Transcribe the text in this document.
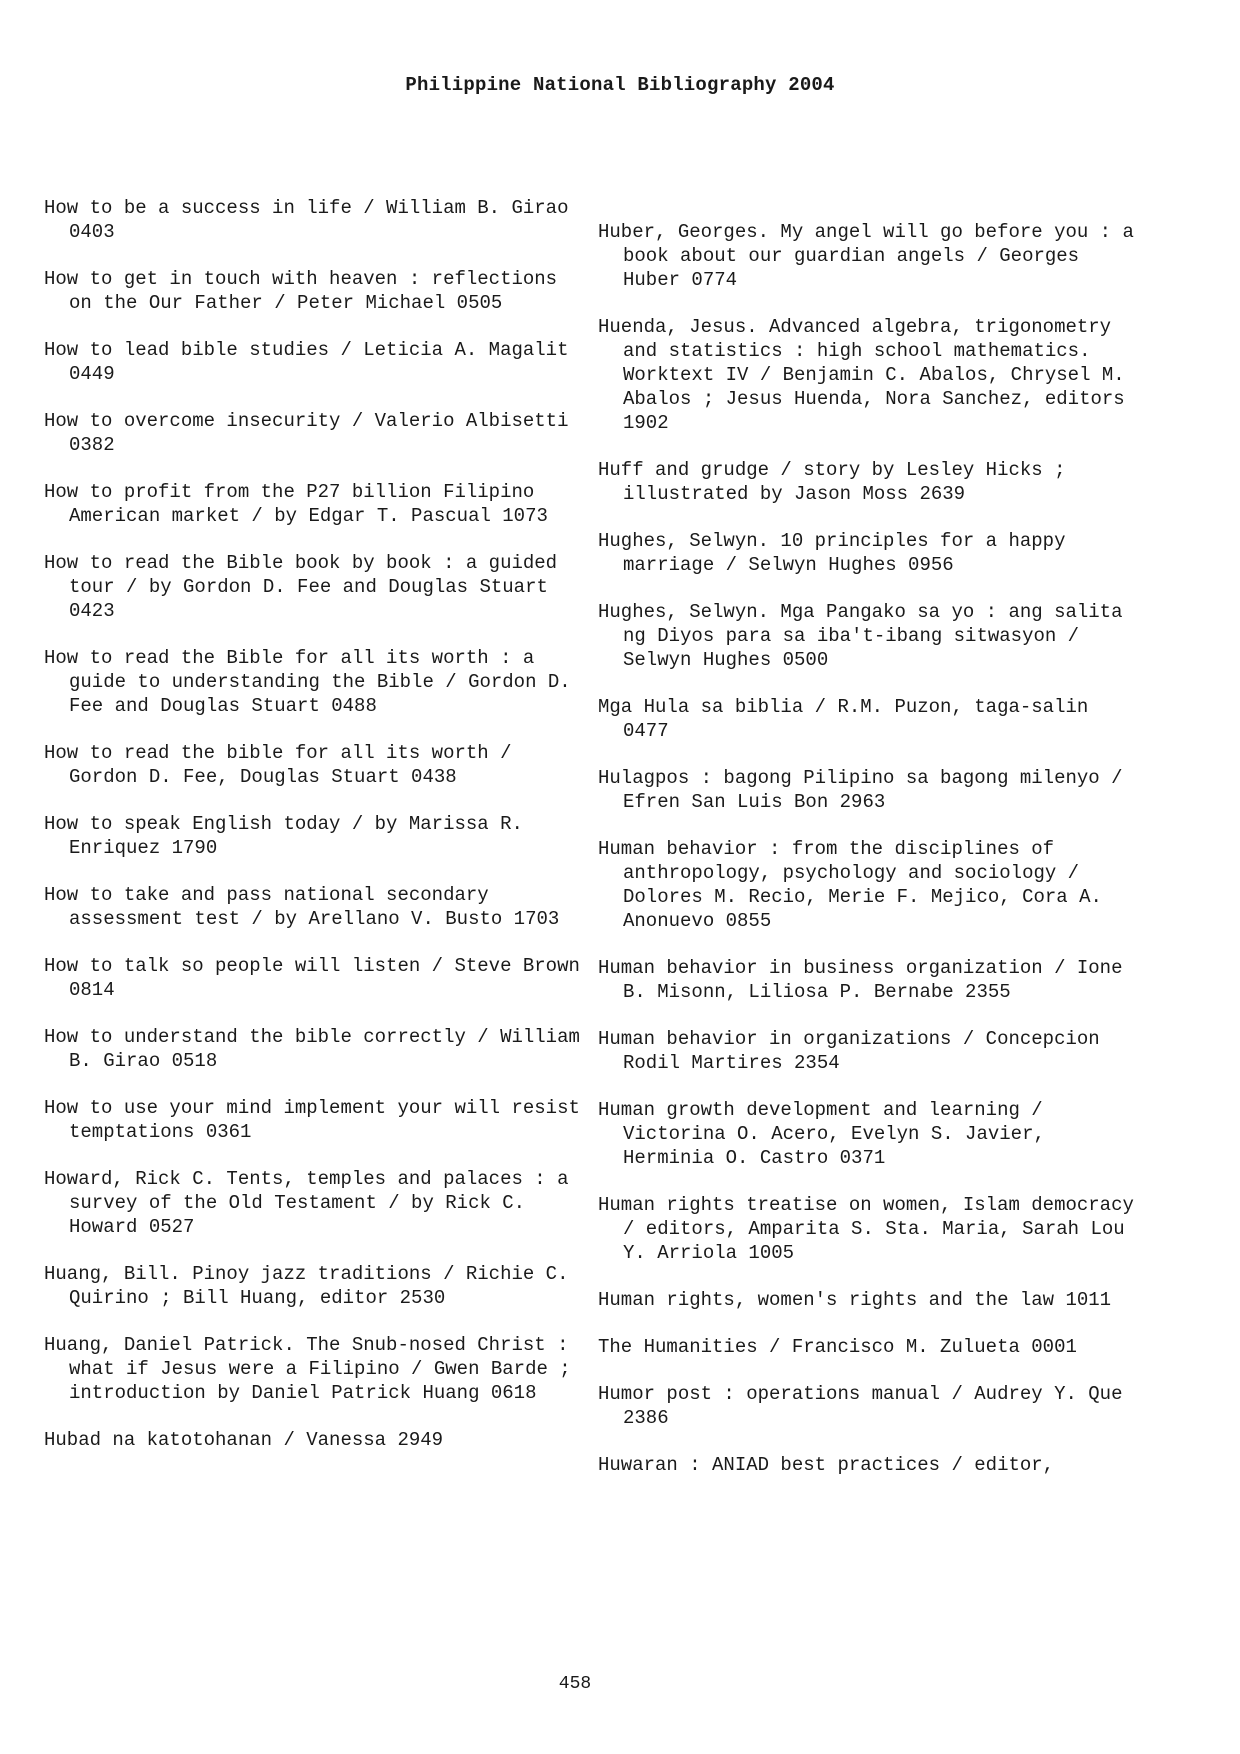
Philippine National Bibliography 2004

How to be a success in life / William B. Girao 0403

How to get in touch with heaven : reflections on the Our Father / Peter Michael 0505

How to lead bible studies / Leticia A. Magalit 0449

How to overcome insecurity / Valerio Albisetti 0382

How to profit from the P27 billion Filipino American market / by Edgar T. Pascual 1073

How to read the Bible book by book : a guided tour / by Gordon D. Fee and Douglas Stuart 0423

How to read the Bible for all its worth : a guide to understanding the Bible / Gordon D. Fee and Douglas Stuart 0488

How to read the bible for all its worth / Gordon D. Fee, Douglas Stuart 0438

How to speak English today / by Marissa R. Enriquez 1790

How to take and pass national secondary assessment test / by Arellano V. Busto 1703

How to talk so people will listen / Steve Brown 0814

How to understand the bible correctly / William B. Girao 0518

How to use your mind implement your will resist temptations 0361

Howard, Rick C. Tents, temples and palaces : a survey of the Old Testament / by Rick C. Howard 0527

Huang, Bill. Pinoy jazz traditions / Richie C. Quirino ; Bill Huang, editor 2530

Huang, Daniel Patrick. The Snub-nosed Christ : what if Jesus were a Filipino / Gwen Barde ; introduction by Daniel Patrick Huang 0618

Hubad na katotohanan / Vanessa 2949

Huber, Georges. My angel will go before you : a book about our guardian angels / Georges Huber 0774

Huenda, Jesus. Advanced algebra, trigonometry and statistics : high school mathematics. Worktext IV / Benjamin C. Abalos, Chrysel M. Abalos ; Jesus Huenda, Nora Sanchez, editors 1902

Huff and grudge / story by Lesley Hicks ; illustrated by Jason Moss 2639

Hughes, Selwyn. 10 principles for a happy marriage / Selwyn Hughes 0956

Hughes, Selwyn. Mga Pangako sa yo : ang salita ng Diyos para sa iba't-ibang sitwasyon / Selwyn Hughes 0500

Mga Hula sa biblia / R.M. Puzon, taga-salin 0477

Hulagpos : bagong Pilipino sa bagong milenyo / Efren San Luis Bon 2963

Human behavior : from the disciplines of anthropology, psychology and sociology / Dolores M. Recio, Merie F. Mejico, Cora A. Anonuevo 0855

Human behavior in business organization / Ione B. Misonn, Liliosa P. Bernabe 2355

Human behavior in organizations / Concepcion Rodil Martires 2354

Human growth development and learning / Victorina O. Acero, Evelyn S. Javier, Herminia O. Castro 0371

Human rights treatise on women, Islam democracy / editors, Amparita S. Sta. Maria, Sarah Lou  Y. Arriola 1005

Human rights, women's rights and the law 1011

The Humanities / Francisco M. Zulueta 0001

Humor post : operations manual / Audrey Y. Que 2386

Huwaran : ANIAD best practices / editor,

458
